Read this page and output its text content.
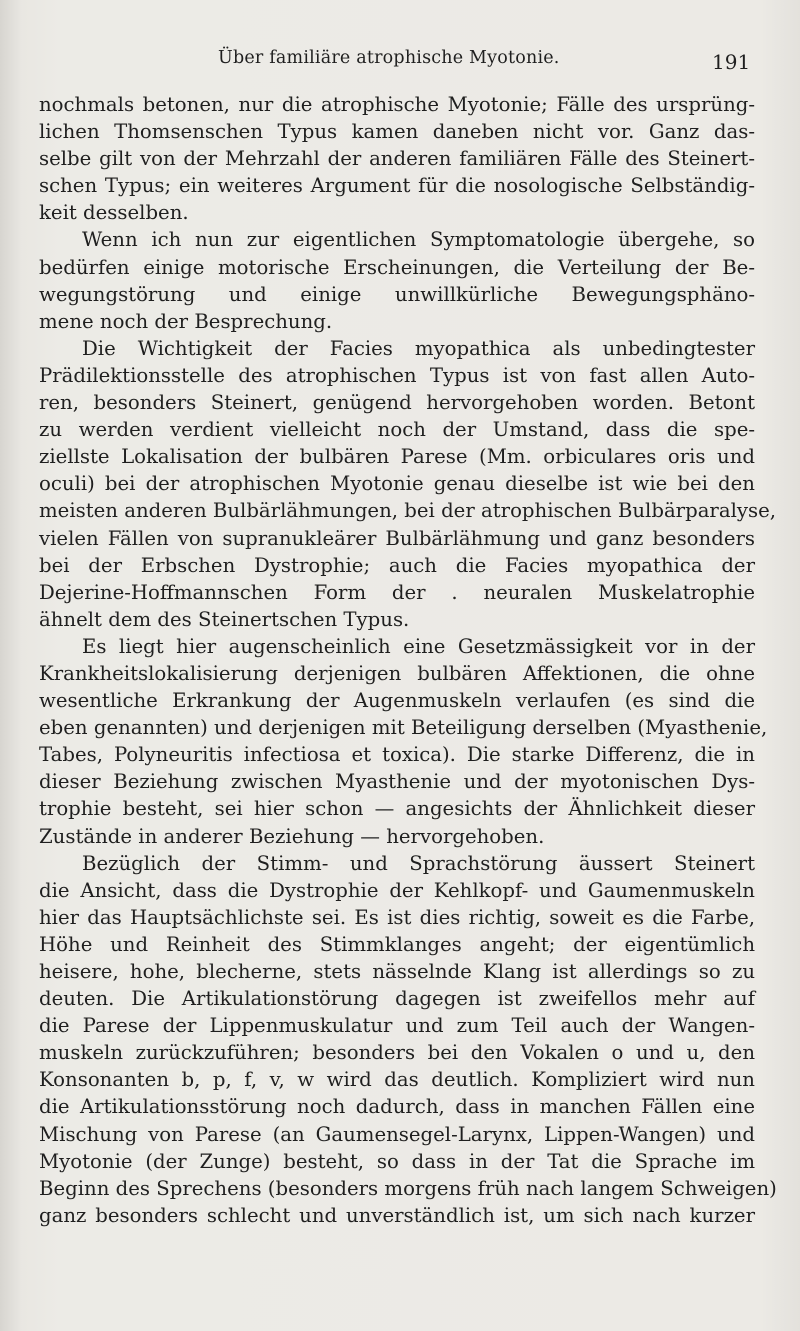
Über familiäre atrophische Myotonie.	191
nochmals betonen, nur die atrophische Myotonie; Fälle des ursprüng-
lichen Thomsenschen Typus kamen daneben nicht vor. Ganz das-
selbe gilt von der Mehrzahl der anderen familiären Fälle des Steinert-
schen Typus; ein weiteres Argument für die nosologische Selbständig-
keit desselben.
Wenn ich nun zur eigentlichen Symptomatologie übergehe, so
bedürfen einige motorische Erscheinungen, die Verteilung der Be-
wegungstörung und einige unwillkürliche Bewegungsphäno-
mene noch der Besprechung.
Die Wichtigkeit der Facies myopathica als unbedingtester
Prädilektionsstelle des atrophischen Typus ist von fast allen Auto-
ren, besonders Steinert, genügend hervorgehoben worden. Betont
zu werden verdient vielleicht noch der Umstand, dass die spe-
ziellste Lokalisation der bulbären Parese (Mm. orbiculares oris und
oculi) bei der atrophischen Myotonie genau dieselbe ist wie bei den
meisten anderen Bulbärlähmungen, bei der atrophischen Bulbärparalyse,
vielen Fällen von supranukleärer Bulbärlähmung und ganz besonders
bei der Erbschen Dystrophie; auch die Facies myopathica der
Dejerine-Hoffmannschen Form der . neuralen Muskelatrophie
ähnelt dem des Steinertschen Typus.
Es liegt hier augenscheinlich eine Gesetzmässigkeit vor in der
Krankheitslokalisierung derjenigen bulbären Affektionen, die ohne
wesentliche Erkrankung der Augenmuskeln verlaufen (es sind die
eben genannten) und derjenigen mit Beteiligung derselben (Myasthenie,
Tabes, Polyneuritis infectiosa et toxica). Die starke Differenz, die in
dieser Beziehung zwischen Myasthenie und der myotonischen Dys-
trophie besteht, sei hier schon — angesichts der Ähnlichkeit dieser
Zustände in anderer Beziehung — hervorgehoben.
Bezüglich der Stimm- und Sprachstörung äussert Steinert
die Ansicht, dass die Dystrophie der Kehlkopf- und Gaumenmuskeln
hier das Hauptsächlichste sei. Es ist dies richtig, soweit es die Farbe,
Höhe und Reinheit des Stimmklanges angeht; der eigentümlich
heisere, hohe, blecherne, stets nässelnde Klang ist allerdings so zu
deuten. Die Artikulationstörung dagegen ist zweifellos mehr auf
die Parese der Lippenmuskulatur und zum Teil auch der Wangen-
muskeln zurückzuführen; besonders bei den Vokalen o und u, den
Konsonanten b, p, f, v, w wird das deutlich. Kompliziert wird nun
die Artikulationsstörung noch dadurch, dass in manchen Fällen eine
Mischung von Parese (an Gaumensegel-Larynx, Lippen-Wangen) und
Myotonie (der Zunge) besteht, so dass in der Tat die Sprache im
Beginn des Sprechens (besonders morgens früh nach langem Schweigen)
ganz besonders schlecht und unverständlich ist, um sich nach kurzer
